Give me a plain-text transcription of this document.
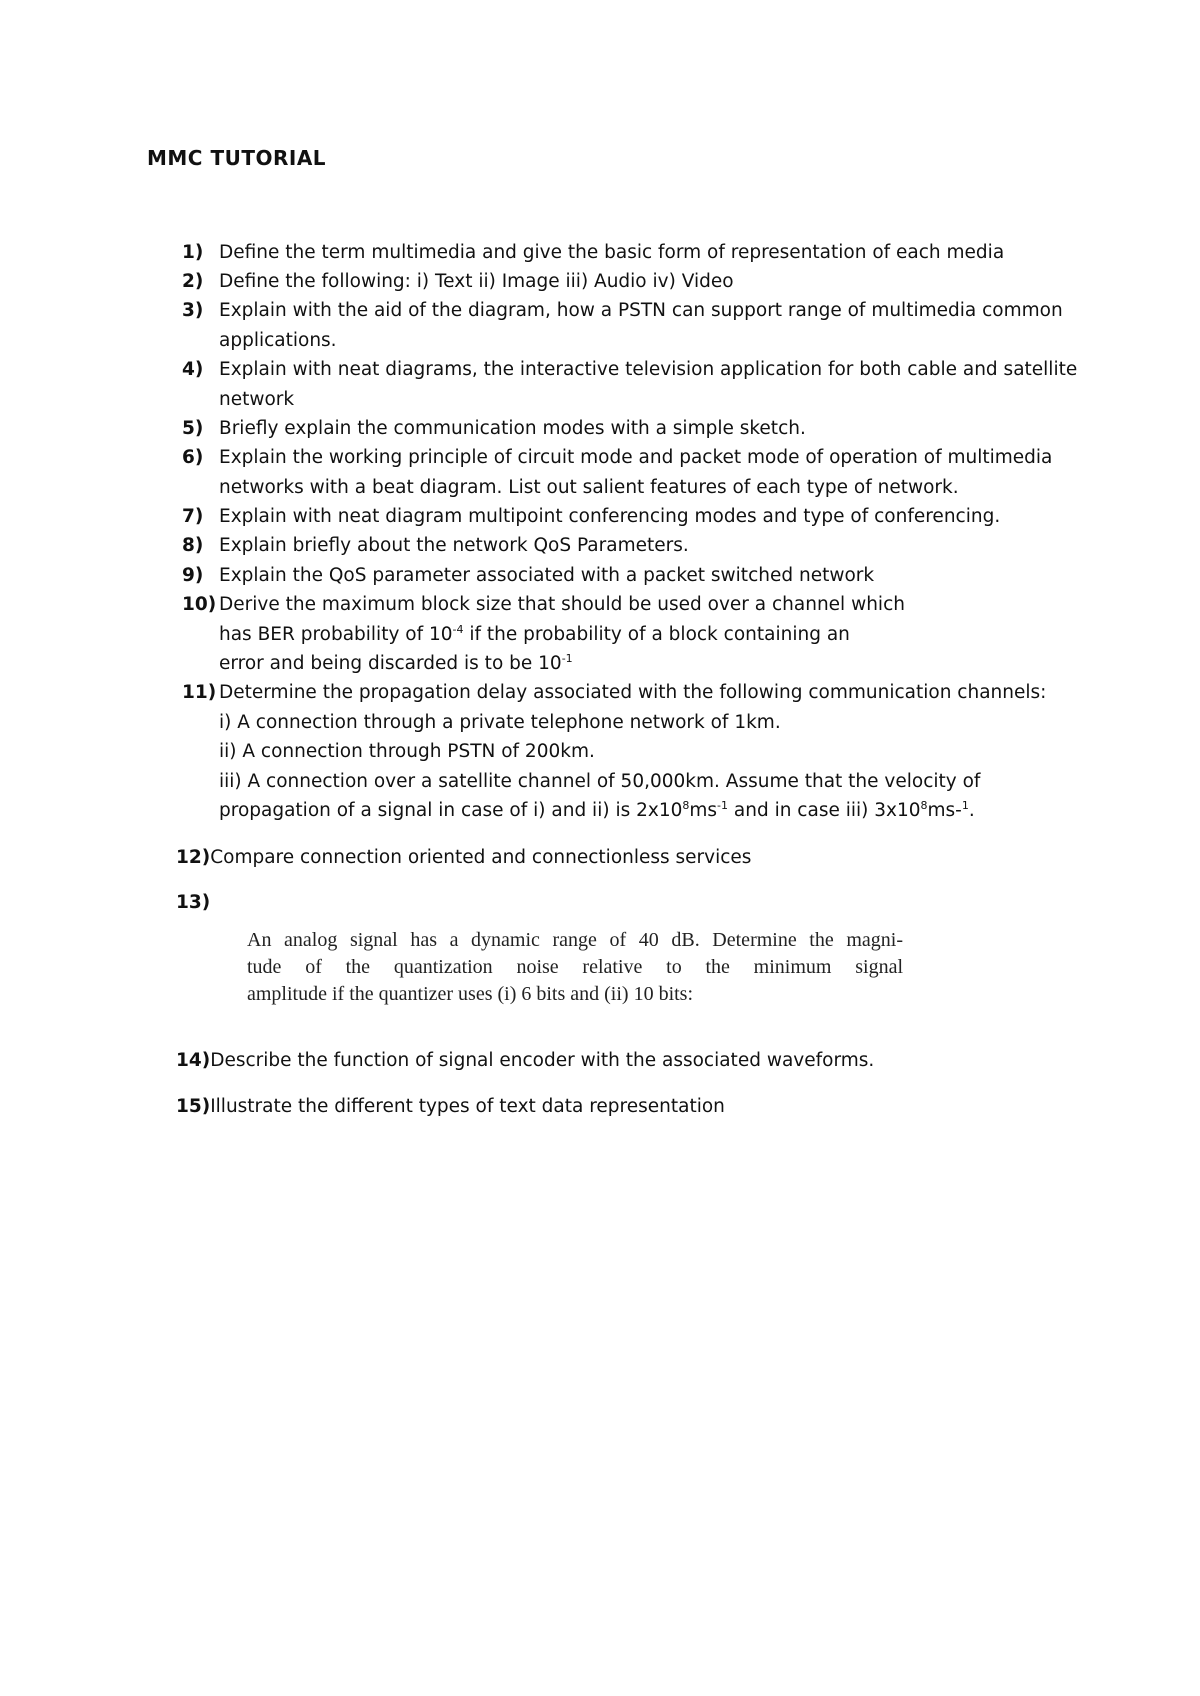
MMC TUTORIAL
1) Define the term multimedia and give the basic form of representation of each media
2) Define the following: i) Text ii) Image iii) Audio iv) Video
3) Explain with the aid of the diagram, how a PSTN can support range of multimedia common
applications.
4) Explain with neat diagrams, the interactive television application for both cable and satellite
network
5) Briefly explain the communication modes with a simple sketch.
6) Explain the working principle of circuit mode and packet mode of operation of multimedia
networks with a beat diagram. List out salient features of each type of network.
7) Explain with neat diagram multipoint conferencing modes and type of conferencing.
8) Explain briefly about the network QoS Parameters.
9) Explain the QoS parameter associated with a packet switched network
10) Derive the maximum block size that should be used over a channel which
has BER probability of $10^{-4}$ if the probability of a block containing an
error and being discarded is to be $10^{-1}$
11) Determine the propagation delay associated with the following communication channels:
i) A connection through a private telephone network of 1km.
ii) A connection through PSTN of 200km.
iii) A connection over a satellite channel of 50,000km. Assume that the velocity of
propagation of a signal in case of i) and ii) is $2x10^8ms^{-1}$ and in case iii) $3x10^8ms-^1$.
12)Compare connection oriented and connectionless services
13)
14)Describe the function of signal encoder with the associated waveforms.
15)Illustrate the different types of text data representation
An analog signal has a dynamic range of 40 dB. Determine the magni-
tude of the quantization noise relative to the minimum signal
amplitude if the quantizer uses (i) 6 bits and (ii) 10 bits:
